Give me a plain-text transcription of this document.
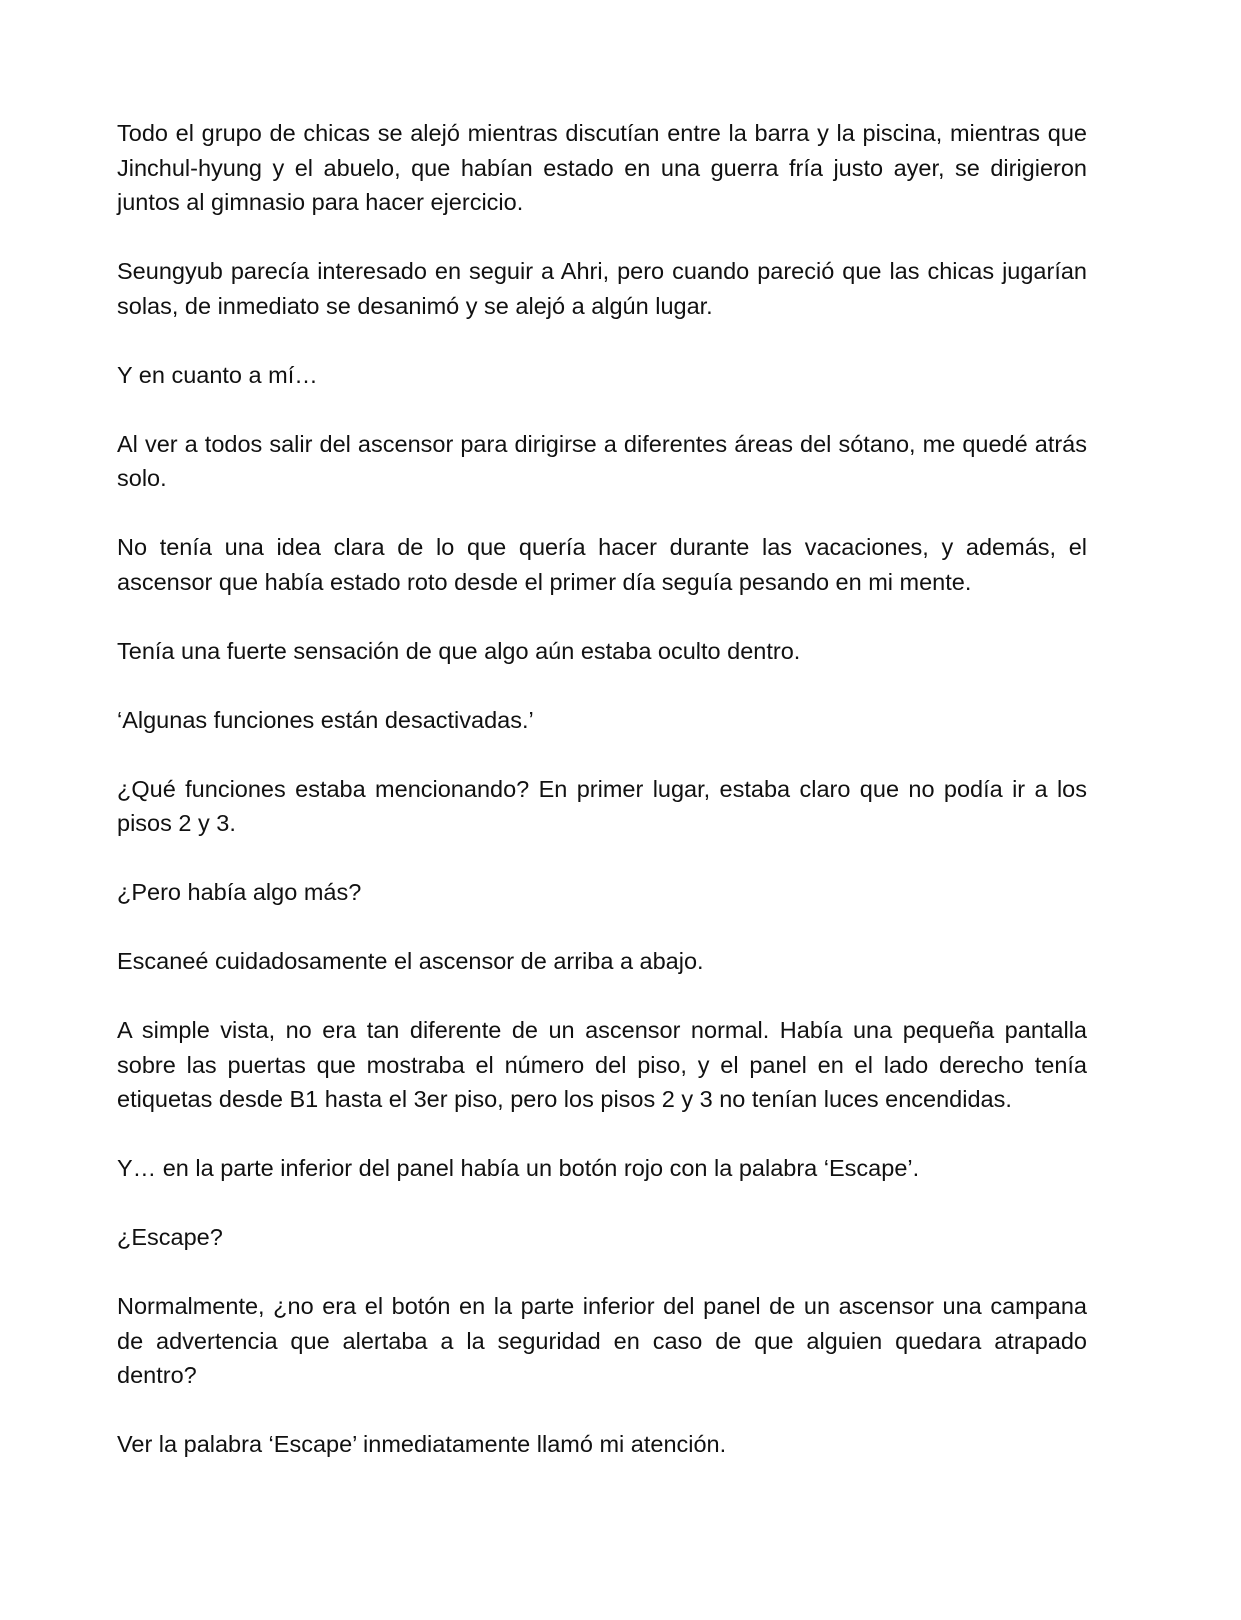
Todo el grupo de chicas se alejó mientras discutían entre la barra y la piscina, mientras que Jinchul-hyung y el abuelo, que habían estado en una guerra fría justo ayer, se dirigieron juntos al gimnasio para hacer ejercicio.

Seungyub parecía interesado en seguir a Ahri, pero cuando pareció que las chicas jugarían solas, de inmediato se desanimó y se alejó a algún lugar.

Y en cuanto a mí…

Al ver a todos salir del ascensor para dirigirse a diferentes áreas del sótano, me quedé atrás solo.

No tenía una idea clara de lo que quería hacer durante las vacaciones, y además, el ascensor que había estado roto desde el primer día seguía pesando en mi mente.

Tenía una fuerte sensación de que algo aún estaba oculto dentro.

‘Algunas funciones están desactivadas.’

¿Qué funciones estaba mencionando? En primer lugar, estaba claro que no podía ir a los pisos 2 y 3.

¿Pero había algo más?

Escaneé cuidadosamente el ascensor de arriba a abajo.

A simple vista, no era tan diferente de un ascensor normal. Había una pequeña pantalla sobre las puertas que mostraba el número del piso, y el panel en el lado derecho tenía etiquetas desde B1 hasta el 3er piso, pero los pisos 2 y 3 no tenían luces encendidas.

Y… en la parte inferior del panel había un botón rojo con la palabra ‘Escape’.

¿Escape?

Normalmente, ¿no era el botón en la parte inferior del panel de un ascensor una campana de advertencia que alertaba a la seguridad en caso de que alguien quedara atrapado dentro?

Ver la palabra ‘Escape’ inmediatamente llamó mi atención.
